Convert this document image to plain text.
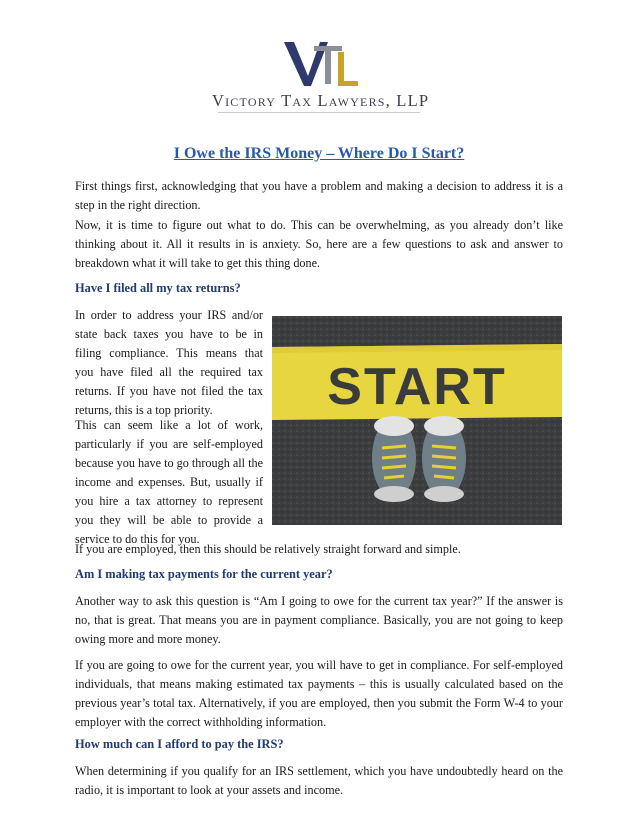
Victory Tax Lawyers, LLP
I Owe the IRS Money – Where Do I Start?

First things first, acknowledging that you have a problem and making a decision to address it is a step in the right direction.

Now, it is time to figure out what to do. This can be overwhelming, as you already don’t like thinking about it. All it results in is anxiety. So, here are a few questions to ask and answer to breakdown what it will take to get this thing done.

Have I filed all my tax returns?

In order to address your IRS and/or state back taxes you have to be in filing compliance. This means that you have filed all the required tax returns. If you have not filed the tax returns, this is a top priority.

This can seem like a lot of work, particularly if you are self-employed because you have to go through all the income and expenses. But, usually if you hire a tax attorney to represent you they will be able to provide a service to do this for you.

START

If you are employed, then this should be relatively straight forward and simple.

Am I making tax payments for the current year?

Another way to ask this question is “Am I going to owe for the current tax year?” If the answer is no, that is great. That means you are in payment compliance. Basically, you are not going to keep owing more and more money.

If you are going to owe for the current year, you will have to get in compliance. For self-employed individuals, that means making estimated tax payments – this is usually calculated based on the previous year’s total tax. Alternatively, if you are employed, then you submit the Form W-4 to your employer with the correct withholding information.

How much can I afford to pay the IRS?

When determining if you qualify for an IRS settlement, which you have undoubtedly heard on the radio, it is important to look at your assets and income.
